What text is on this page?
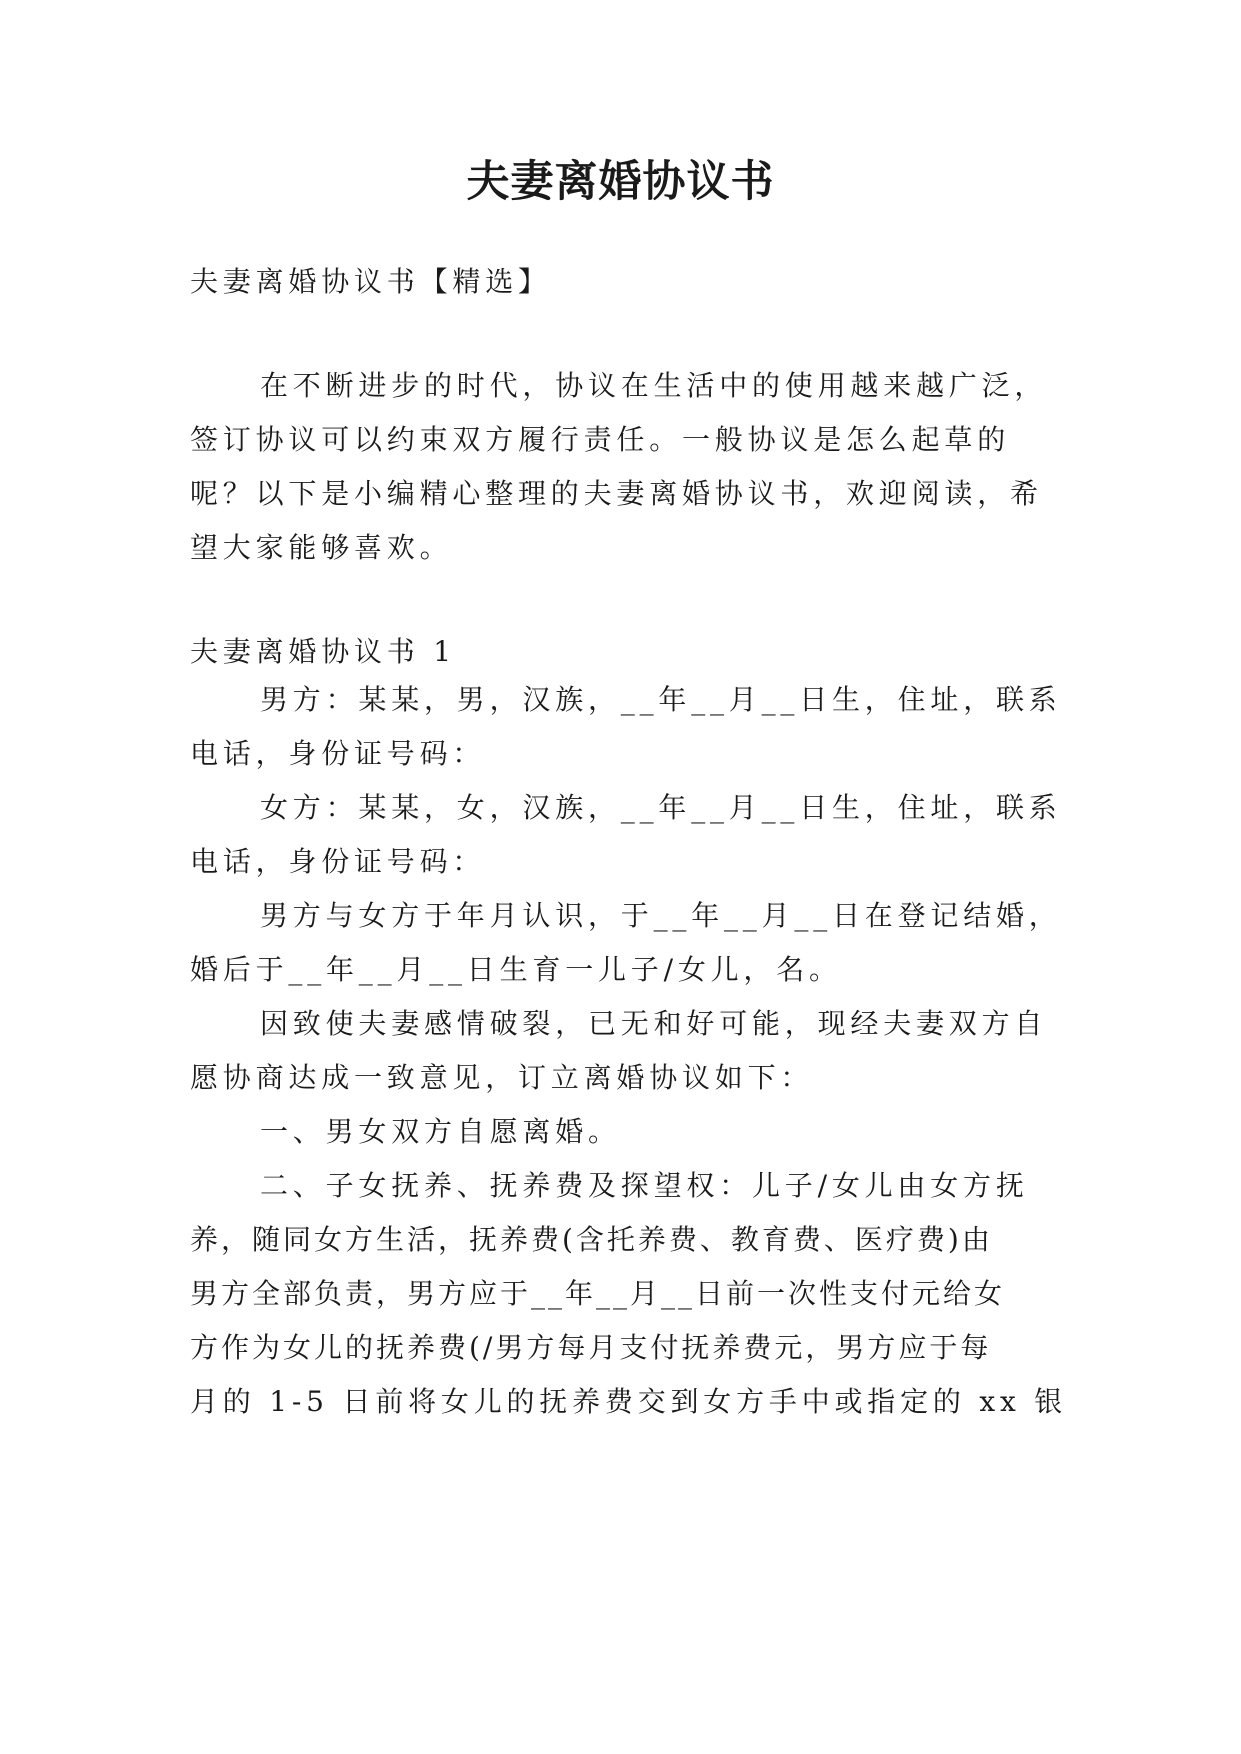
夫妻离婚协议书
夫妻离婚协议书【精选】
在不断进步的时代，协议在生活中的使用越来越广泛，
签订协议可以约束双方履行责任。一般协议是怎么起草的
呢？以下是小编精心整理的夫妻离婚协议书，欢迎阅读，希
望大家能够喜欢。
夫妻离婚协议书 1
男方：某某，男，汉族，__年__月__日生，住址，联系
电话，身份证号码：
女方：某某，女，汉族，__年__月__日生，住址，联系
电话，身份证号码：
男方与女方于年月认识，于__年__月__日在登记结婚，
婚后于__年__月__日生育一儿子/女儿，名。
因致使夫妻感情破裂，已无和好可能，现经夫妻双方自
愿协商达成一致意见，订立离婚协议如下：
一、男女双方自愿离婚。
二、子女抚养、抚养费及探望权：儿子/女儿由女方抚
养，随同女方生活，抚养费(含托养费、教育费、医疗费)由
男方全部负责，男方应于__年__月__日前一次性支付元给女
方作为女儿的抚养费(/男方每月支付抚养费元，男方应于每
月的 1-5 日前将女儿的抚养费交到女方手中或指定的 xx 银
